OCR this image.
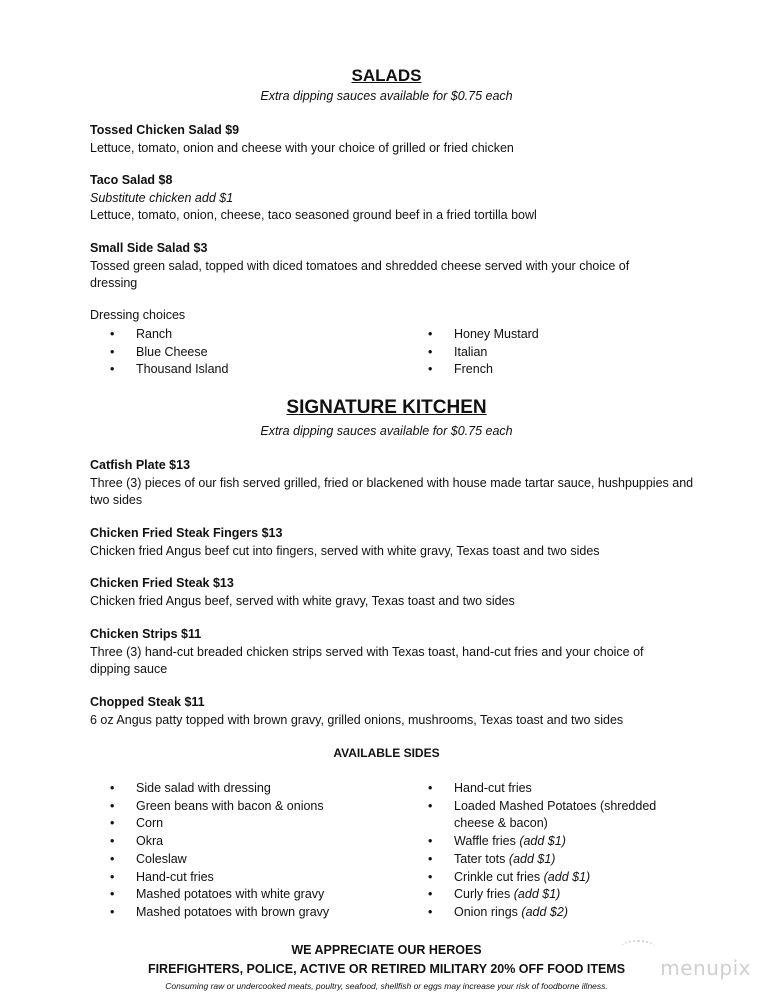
SALADS
Extra dipping sauces available for $0.75 each
Tossed Chicken Salad $9
Lettuce, tomato, onion and cheese with your choice of grilled or fried chicken
Taco Salad $8
Substitute chicken add $1
Lettuce, tomato, onion, cheese, taco seasoned ground beef in a fried tortilla bowl
Small Side Salad $3
Tossed green salad, topped with diced tomatoes and shredded cheese served with your choice of dressing
Dressing choices
• Ranch
• Blue Cheese
• Thousand Island
• Honey Mustard
• Italian
• French
SIGNATURE KITCHEN
Extra dipping sauces available for $0.75 each
Catfish Plate $13
Three (3) pieces of our fish served grilled, fried or blackened with house made tartar sauce, hushpuppies and two sides
Chicken Fried Steak Fingers $13
Chicken fried Angus beef cut into fingers, served with white gravy, Texas toast and two sides
Chicken Fried Steak $13
Chicken fried Angus beef, served with white gravy, Texas toast and two sides
Chicken Strips $11
Three (3) hand-cut breaded chicken strips served with Texas toast, hand-cut fries and your choice of dipping sauce
Chopped Steak $11
6 oz Angus patty topped with brown gravy, grilled onions, mushrooms, Texas toast and two sides
AVAILABLE SIDES
• Side salad with dressing
• Green beans with bacon & onions
• Corn
• Okra
• Coleslaw
• Hand-cut fries
• Mashed potatoes with white gravy
• Mashed potatoes with brown gravy
• Hand-cut fries
• Loaded Mashed Potatoes (shredded cheese & bacon)
• Waffle fries (add $1)
• Tater tots (add $1)
• Crinkle cut fries (add $1)
• Curly fries (add $1)
• Onion rings (add $2)
WE APPRECIATE OUR HEROES
FIREFIGHTERS, POLICE, ACTIVE OR RETIRED MILITARY 20% OFF FOOD ITEMS
Consuming raw or undercooked meats, poultry, seafood, shellfish or eggs may increase your risk of foodborne illness.
menupix
